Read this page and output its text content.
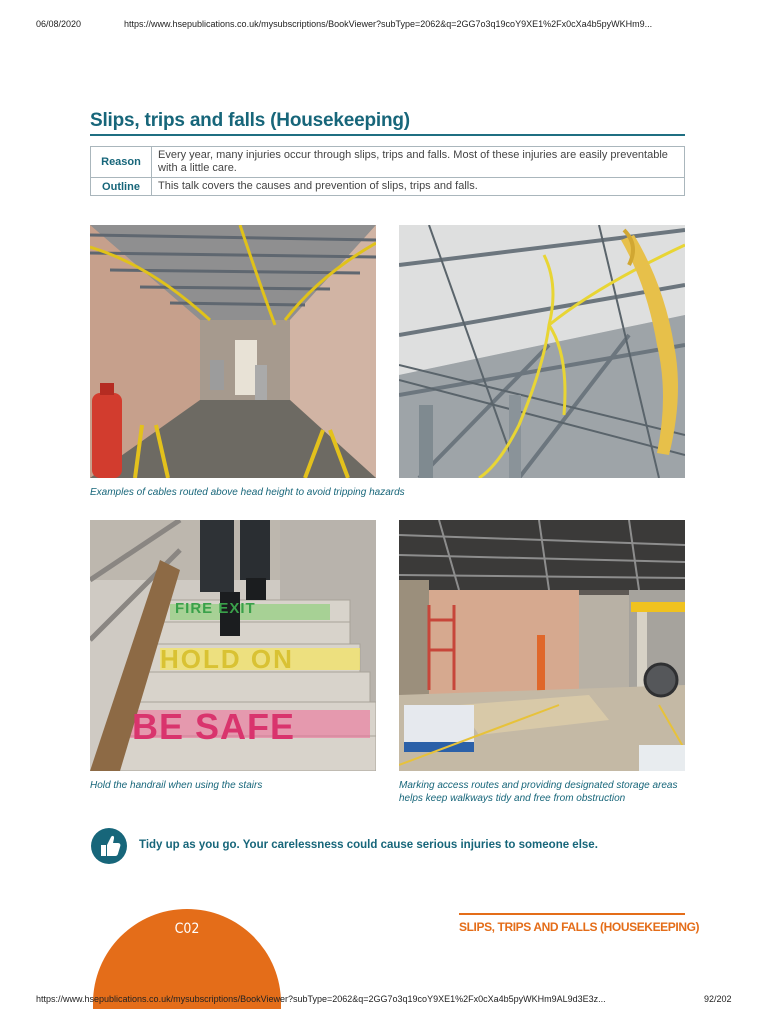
06/08/2020	https://www.hsepublications.co.uk/mysubscriptions/BookViewer?subType=2062&q=2GG7o3q19coY9XE1%2Fx0cXa4b5pyWKHm9...
Slips, trips and falls (Housekeeping)
Reason	Every year, many injuries occur through slips, trips and falls. Most of these injuries are easily preventable with a little care.
Outline	This talk covers the causes and prevention of slips, trips and falls.
Examples of cables routed above head height to avoid tripping hazards
FIRE EXIT
HOLD ON
BE SAFE
Hold the handrail when using the stairs	Marking access routes and providing designated storage areas helps keep walkways tidy and free from obstruction
Tidy up as you go. Your carelessness could cause serious injuries to someone else.
C02	SLIPS, TRIPS AND FALLS (HOUSEKEEPING)
https://www.hsepublications.co.uk/mysubscriptions/BookViewer?subType=2062&q=2GG7o3q19coY9XE1%2Fx0cXa4b5pyWKHm9AL9d3E3z...	92/202
